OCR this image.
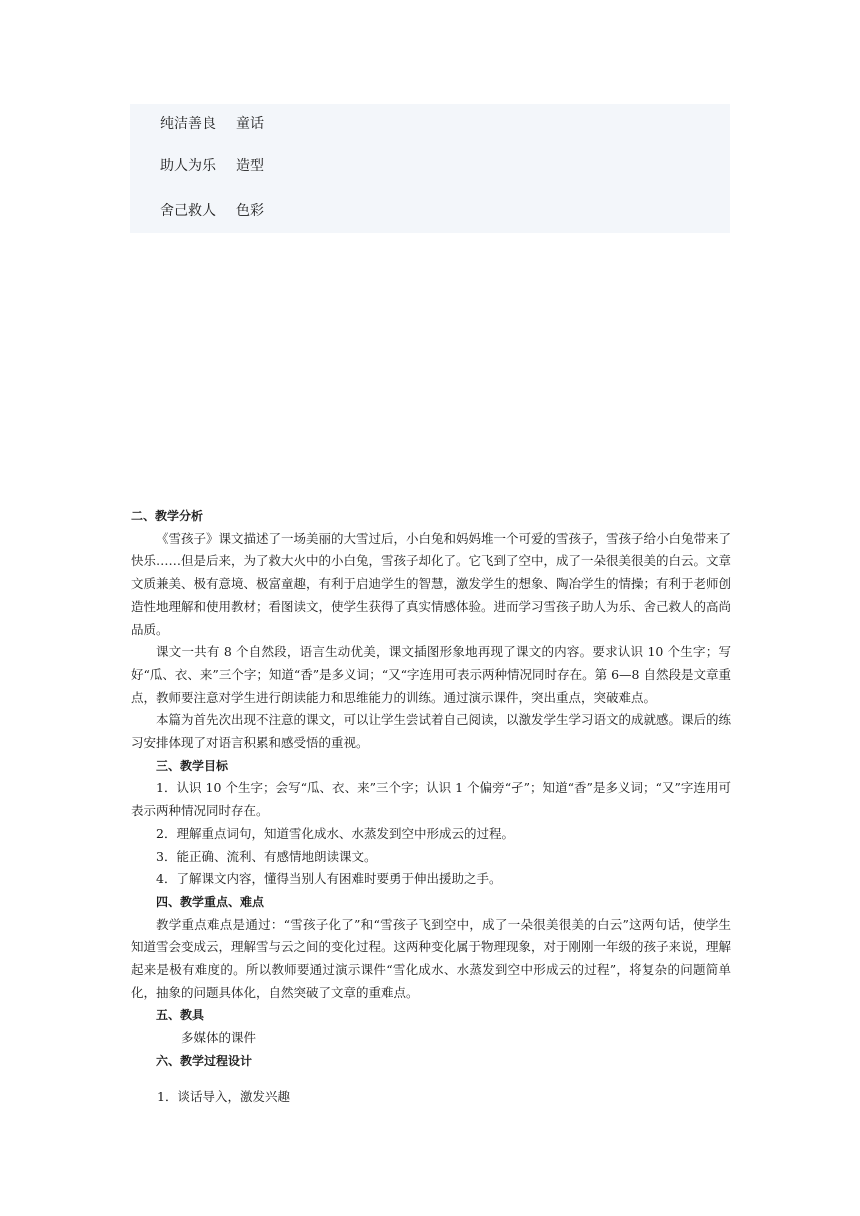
纯洁善良 童话
助人为乐 造型
舍己救人 色彩
二、教学分析

《雪孩子》课文描述了一场美丽的大雪过后，小白兔和妈妈堆一个可爱的雪孩子，雪孩子给小白兔带来了快乐……但是后来，为了救大火中的小白兔，雪孩子却化了。它飞到了空中，成了一朵很美很美的白云。文章文质兼美、极有意境、极富童趣，有利于启迪学生的智慧，激发学生的想象、陶冶学生的情操；有利于老师创造性地理解和使用教材；看图读文，使学生获得了真实情感体验。进而学习雪孩子助人为乐、舍己救人的高尚品质。

课文一共有 8 个自然段，语言生动优美，课文插图形象地再现了课文的内容。要求认识 10 个生字；写好“瓜、衣、来”三个字；知道“香”是多义词；“又“字连用可表示两种情况同时存在。第 6—8 自然段是文章重点，教师要注意对学生进行朗读能力和思维能力的训练。通过演示课件，突出重点，突破难点。

本篇为首先次出现不注意的课文，可以让学生尝试着自己阅读，以激发学生学习语文的成就感。课后的练习安排体现了对语言积累和感受悟的重视。

三、教学目标

1．认识 10 个生字；会写“瓜、衣、来”三个字；认识 1 个偏旁“孑”；知道“香”是多义词；“又”字连用可表示两种情况同时存在。

2．理解重点词句，知道雪化成水、水蒸发到空中形成云的过程。
3．能正确、流利、有感情地朗读课文。
4．了解课文内容，懂得当别人有困难时要勇于伸出援助之手。
四、教学重点、难点

教学重点难点是通过：“雪孩子化了”和“雪孩子飞到空中，成了一朵很美很美的白云”这两句话，使学生知道雪会变成云，理解雪与云之间的变化过程。这两种变化属于物理现象，对于刚刚一年级的孩子来说，理解起来是极有难度的。所以教师要通过演示课件“雪化成水、水蒸发到空中形成云的过程”，将复杂的问题简单化，抽象的问题具体化，自然突破了文章的重难点。

五、教具
多媒体的课件
六、教学过程设计
1．谈话导入，激发兴趣
